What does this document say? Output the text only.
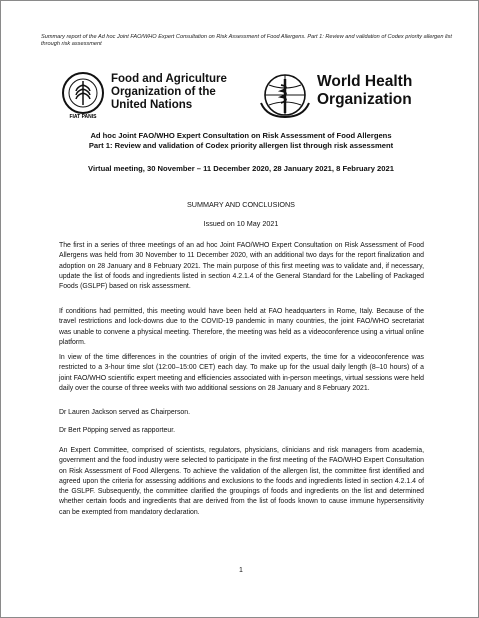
Summary report of the Ad hoc Joint FAO/WHO Expert Consultation on Risk Assessment of Food Allergens. Part 1: Review and validation of Codex priority allergen list through risk assessment
FIAT PANIS
Food and Agriculture Organization of the United Nations
World Health Organization
Ad hoc Joint FAO/WHO Expert Consultation on Risk Assessment of Food Allergens
Part 1: Review and validation of Codex priority allergen list through risk assessment
Virtual meeting, 30 November – 11 December 2020, 28 January 2021, 8 February 2021
SUMMARY AND CONCLUSIONS
Issued on 10 May 2021

The first in a series of three meetings of an ad hoc Joint FAO/WHO Expert Consultation on Risk Assessment of Food Allergens was held from 30 November to 11 December 2020, with an additional two days for the report finalization and adoption on 28 January and 8 February 2021. The main purpose of this first meeting was to validate and, if necessary, update the list of foods and ingredients listed in section 4.2.1.4 of the General Standard for the Labelling of Packaged Foods (GSLPF) based on risk assessment.

If conditions had permitted, this meeting would have been held at FAO headquarters in Rome, Italy. Because of the travel restrictions and lock-downs due to the COVID-19 pandemic in many countries, the joint FAO/WHO secretariat was unable to convene a physical meeting. Therefore, the meeting was held as a videoconference using a virtual online platform.

In view of the time differences in the countries of origin of the invited experts, the time for a videoconference was restricted to a 3-hour time slot (12:00–15:00 CET) each day. To make up for the usual daily length (8–10 hours) of a joint FAO/WHO scientific expert meeting and efficiencies associated with in-person meetings, virtual sessions were held daily over the course of three weeks with two additional sessions on 28 January and 8 February 2021.

Dr Lauren Jackson served as Chairperson.

Dr Bert Pöpping served as rapporteur.

An Expert Committee, comprised of scientists, regulators, physicians, clinicians and risk managers from academia, government and the food industry were selected to participate in the first meeting of the FAO/WHO Expert Consultation on Risk Assessment of Food Allergens. To achieve the validation of the allergen list, the committee first identified and agreed upon the criteria for assessing additions and exclusions to the foods and ingredients listed in section 4.2.1.4 of the GSLPF. Subsequently, the committee clarified the groupings of foods and ingredients on the list and determined whether certain foods and ingredients that are derived from the list of foods known to cause immune hypersensitivity can be exempted from mandatory declaration.

1
